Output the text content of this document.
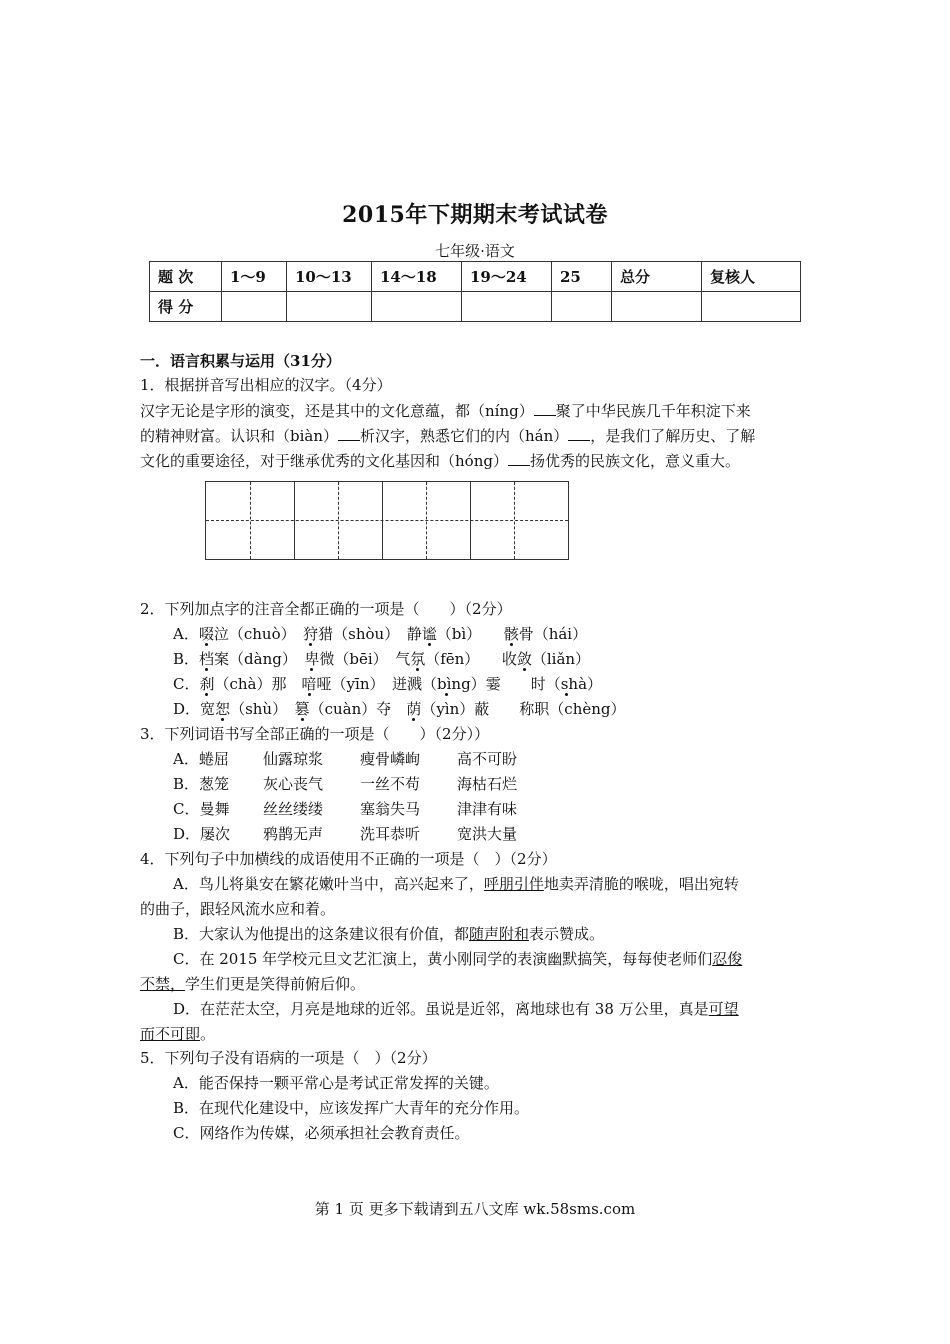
2015年下期期末考试试卷
七年级·语文
题 次	1～9	10～13	14～18	19～24	25	总分	复核人
得 分							
一．语言积累与运用（31分）
1．根据拼音写出相应的汉字。（4分）
汉字无论是字形的演变，还是其中的文化意蕴，都（níng） 聚了中华民族几千年积淀下来
的精神财富。认识和（biàn） 析汉字，熟悉它们的内（hán） ，是我们了解历史、了解
文化的重要途径，对于继承优秀的文化基因和（hóng） 扬优秀的民族文化，意义重大。
2．下列加点字的注音全都正确的一项是（　　）（2分）
A．啜泣（chuò）　 狩猎（shòu）　 静谧（bì）　　 骸骨（hái）
B．档案（dàng）　 卑微（bēi）　 气氛（fēn）　　 收敛（liǎn）
C．刹（chà）那　 喑哑（yīn）　 迸溅（bìng）霎　　 时（shà）
D．宽恕（shù）　 篡（cuàn）夺　 荫（yìn）蔽　　 称职（chèng）
3．下列词语书写全部正确的一项是（　　）（2分））
A．蜷屈 仙露琼浆 瘦骨嶙峋 高不可盼
B．葱笼 灰心丧气 一丝不苟 海枯石烂
C．曼舞 丝丝缕缕 塞翁失马 津津有味
D．屡次 鸦鹊无声 洗耳恭听 宽洪大量
4．下列句子中加横线的成语使用不正确的一项是（　）（2分）
A．鸟儿将巢安在繁花嫩叶当中，高兴起来了，呼朋引伴地卖弄清脆的喉咙，唱出宛转
的曲子，跟轻风流水应和着。
B．大家认为他提出的这条建议很有价值，都随声附和表示赞成。
C．在 2015 年学校元旦文艺汇演上，黄小刚同学的表演幽默搞笑，每每使老师们忍俊
不禁，学生们更是笑得前俯后仰。
D．在茫茫太空，月亮是地球的近邻。虽说是近邻，离地球也有 38 万公里，真是可望
而不可即。
5．下列句子没有语病的一项是（　）（2分）
A．能否保持一颗平常心是考试正常发挥的关键。
B．在现代化建设中，应该发挥广大青年的充分作用。
C．网络作为传媒，必须承担社会教育责任。
第 1 页 更多下载请到五八文库 wk.58sms.com
